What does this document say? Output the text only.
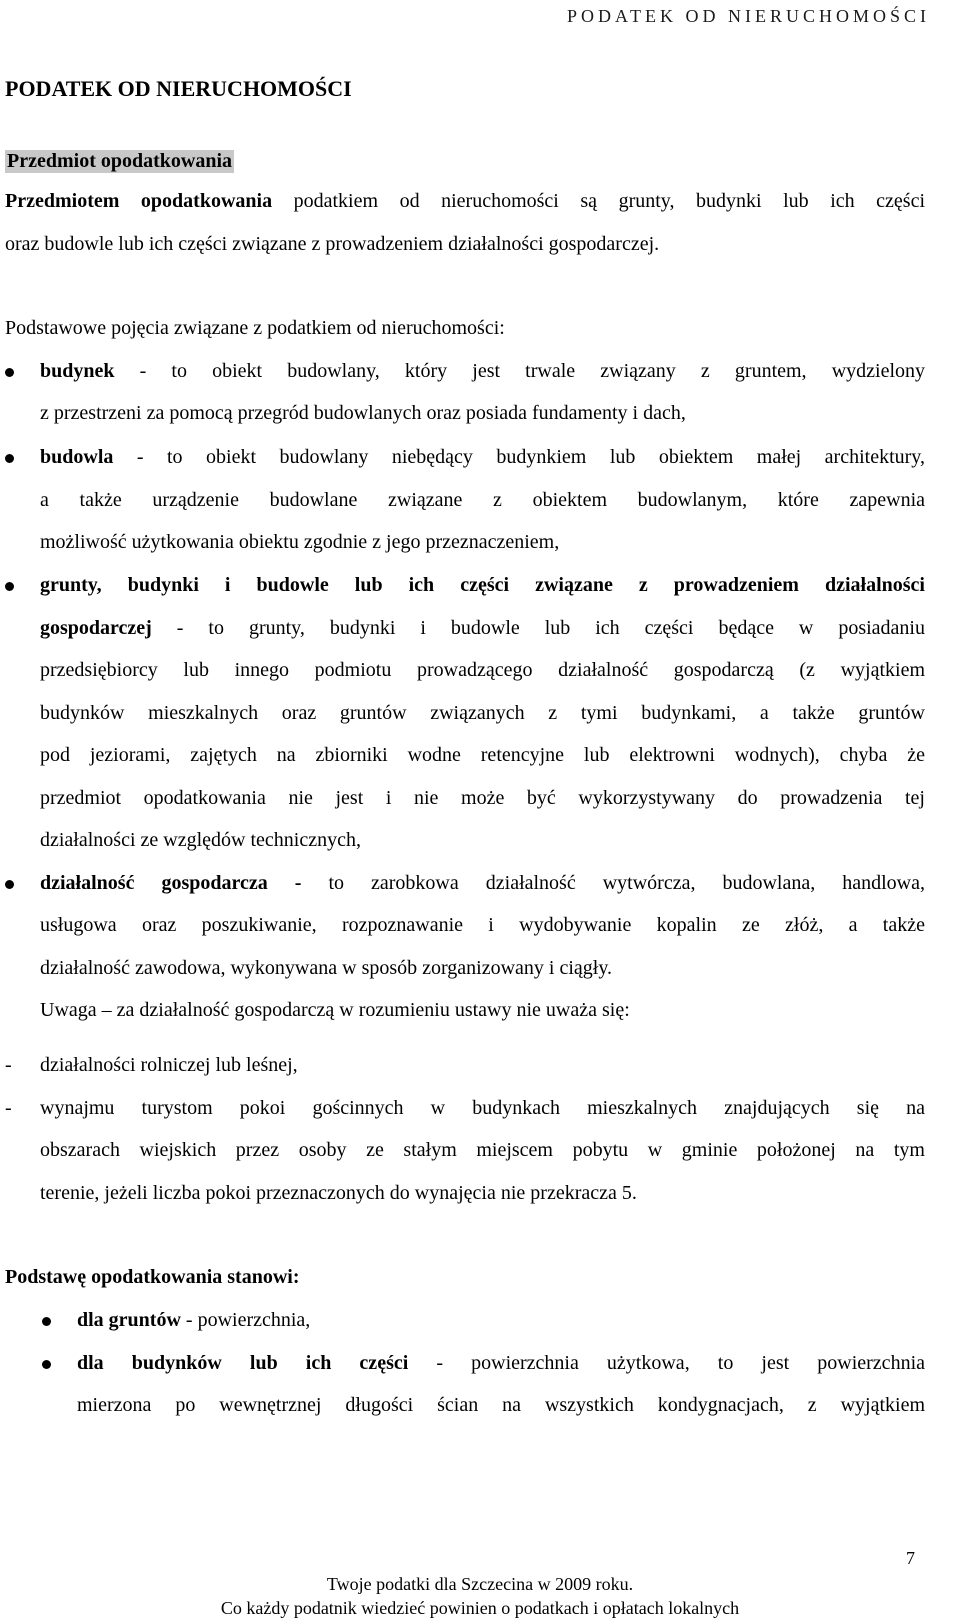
PODATEK OD NIERUCHOMOŚCI
PODATEK OD NIERUCHOMOŚCI
Przedmiot opodatkowania
Przedmiotem opodatkowania podatkiem od nieruchomości są grunty, budynki lub ich części
oraz budowle lub ich części związane z prowadzeniem działalności gospodarczej.
Podstawowe pojęcia związane z podatkiem od nieruchomości:
budynek - to obiekt budowlany, który jest trwale związany z gruntem, wydzielony
z przestrzeni za pomocą przegród budowlanych oraz posiada fundamenty i dach,
budowla - to obiekt budowlany niebędący budynkiem lub obiektem małej architektury,
a także urządzenie budowlane związane z obiektem budowlanym, które zapewnia
możliwość użytkowania obiektu zgodnie z jego przeznaczeniem,
grunty, budynki i budowle lub ich części związane z prowadzeniem działalności
gospodarczej - to grunty, budynki i budowle lub ich części będące w posiadaniu
przedsiębiorcy lub innego podmiotu prowadzącego działalność gospodarczą (z wyjątkiem
budynków mieszkalnych oraz gruntów związanych z tymi budynkami, a także gruntów
pod jeziorami, zajętych na zbiorniki wodne retencyjne lub elektrowni wodnych), chyba że
przedmiot opodatkowania nie jest i nie może być wykorzystywany do prowadzenia tej
działalności ze względów technicznych,
działalność gospodarcza - to zarobkowa działalność wytwórcza, budowlana, handlowa,
usługowa oraz poszukiwanie, rozpoznawanie i wydobywanie kopalin ze złóż, a także
działalność zawodowa, wykonywana w sposób zorganizowany i ciągły.
Uwaga – za działalność gospodarczą w rozumieniu ustawy nie uważa się:
- działalności rolniczej lub leśnej,
- wynajmu turystom pokoi gościnnych w budynkach mieszkalnych znajdujących się na
obszarach wiejskich przez osoby ze stałym miejscem pobytu w gminie położonej na tym
terenie, jeżeli liczba pokoi przeznaczonych do wynajęcia nie przekracza 5.
Podstawę opodatkowania stanowi:
dla gruntów - powierzchnia,
dla budynków lub ich części - powierzchnia użytkowa, to jest powierzchnia
mierzona po wewnętrznej długości ścian na wszystkich kondygnacjach, z wyjątkiem
7
Twoje podatki dla Szczecina w 2009 roku.
Co każdy podatnik wiedzieć powinien o podatkach i opłatach lokalnych
